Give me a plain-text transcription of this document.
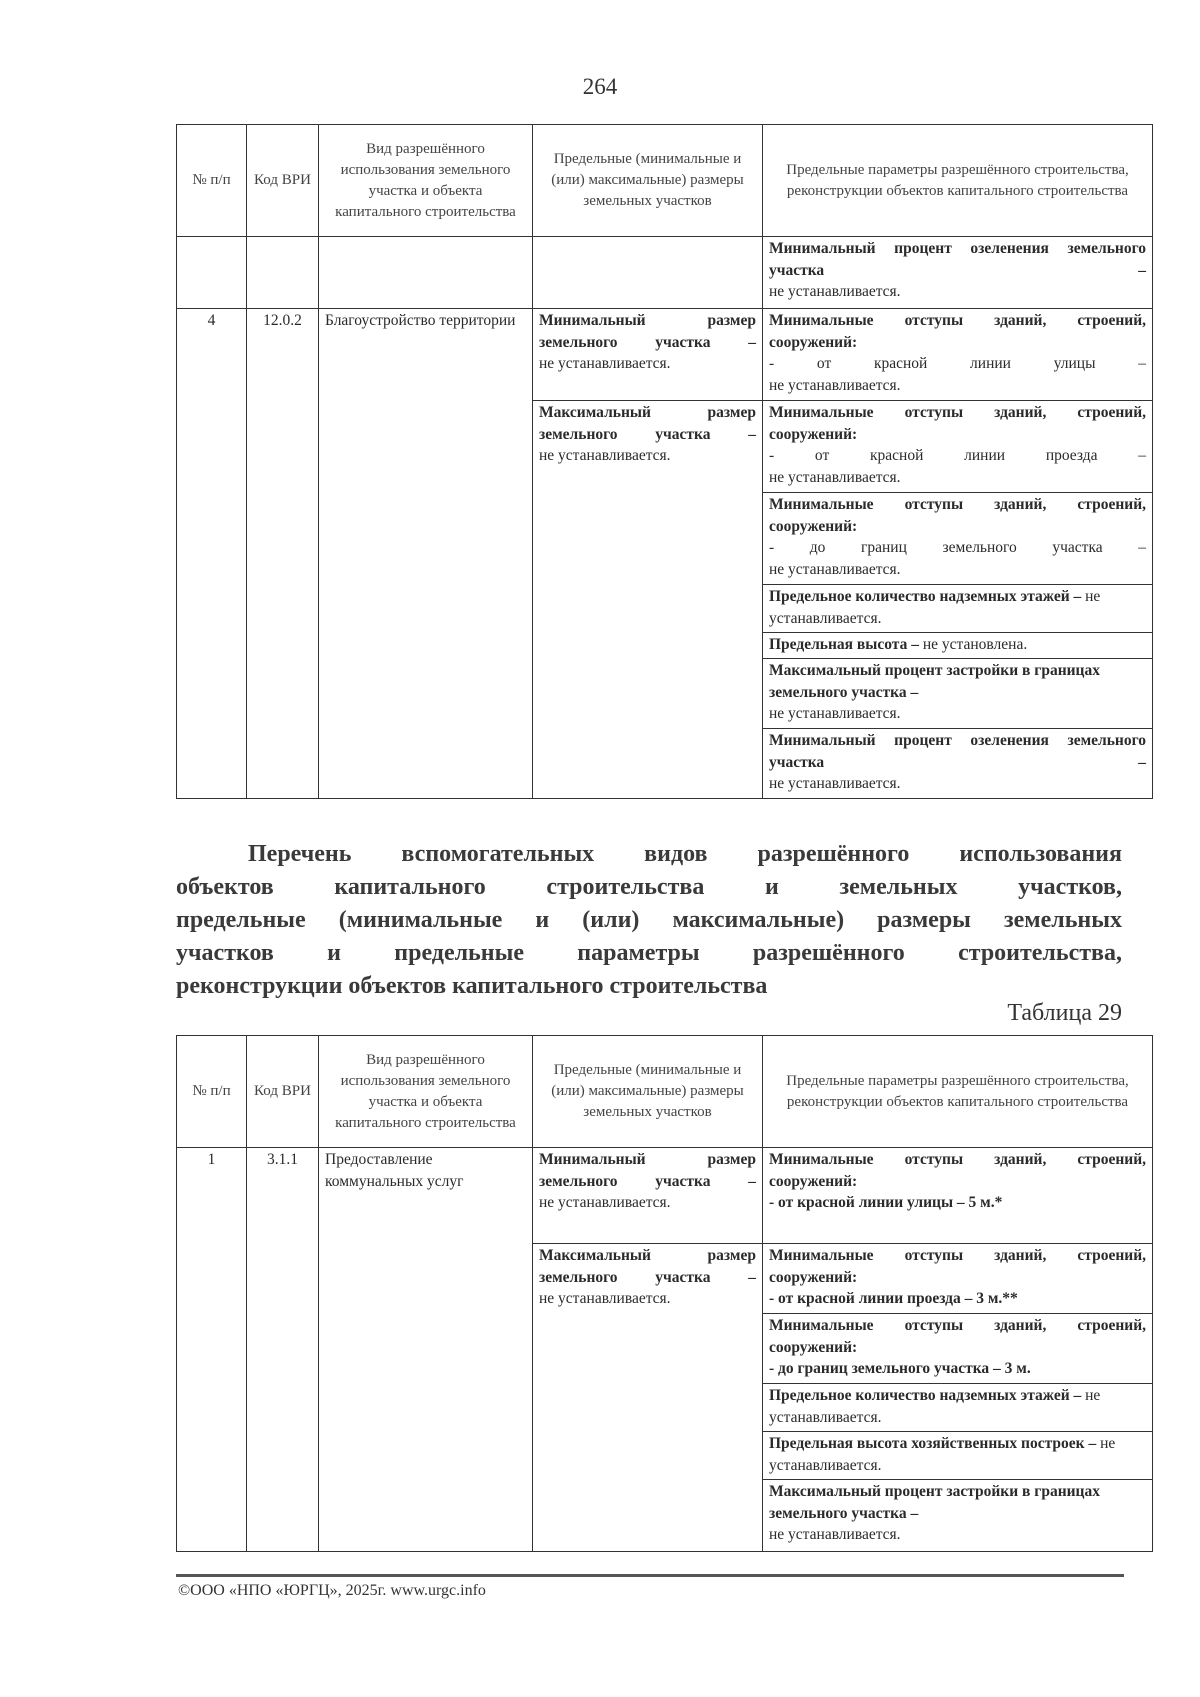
264
№ п/п	Код ВРИ	Вид разрешённого использования земельного участка и объекта капитального строительства	Предельные (минимальные и (или) максимальные) размеры земельных участков	Предельные параметры разрешённого строительства, реконструкции объектов капитального строительства

				Минимальный процент озеленения земельного участка –
не устанавливается.

4	12.0.2	Благоустройство территории	Минимальный размер земельного участка –
не устанавливается.	Минимальные отступы зданий, строений, сооружений:
- от красной линии улицы –
не устанавливается.

			Максимальный размер земельного участка –
не устанавливается.	Минимальные отступы зданий, строений, сооружений:
- от красной линии проезда –
не устанавливается.

				Минимальные отступы зданий, строений, сооружений:
- до границ земельного участка –
не устанавливается.

				Предельное количество надземных этажей – не устанавливается.
				Предельная высота – не установлена.
				Максимальный процент застройки в границах земельного участка –
не устанавливается.

				Минимальный процент озеленения земельного участка –
не устанавливается.
Перечень вспомогательных видов разрешённого использования
объектов капитального строительства и земельных участков,
предельные (минимальные и (или) максимальные) размеры земельных
участков и предельные параметры разрешённого строительства,
реконструкции объектов капитального строительства
Таблица 29
№ п/п	Код ВРИ	Вид разрешённого использования земельного участка и объекта капитального строительства	Предельные (минимальные и (или) максимальные) размеры земельных участков	Предельные параметры разрешённого строительства, реконструкции объектов капитального строительства
1	3.1.1	Предоставление коммунальных услуг	Минимальный размер земельного участка –
не устанавливается.	Минимальные отступы зданий, строений, сооружений:
- от красной линии улицы – 5 м.*

			Максимальный размер земельного участка –
не устанавливается.	Минимальные отступы зданий, строений, сооружений:
- от красной линии проезда – 3 м.**

				Минимальные отступы зданий, строений, сооружений:
- до границ земельного участка – 3 м.

				Предельное количество надземных этажей – не устанавливается.
				Предельная высота хозяйственных построек – не устанавливается.
				Максимальный процент застройки в границах земельного участка –
не устанавливается.
©ООО «НПО «ЮРГЦ», 2025г. www.urgc.info
